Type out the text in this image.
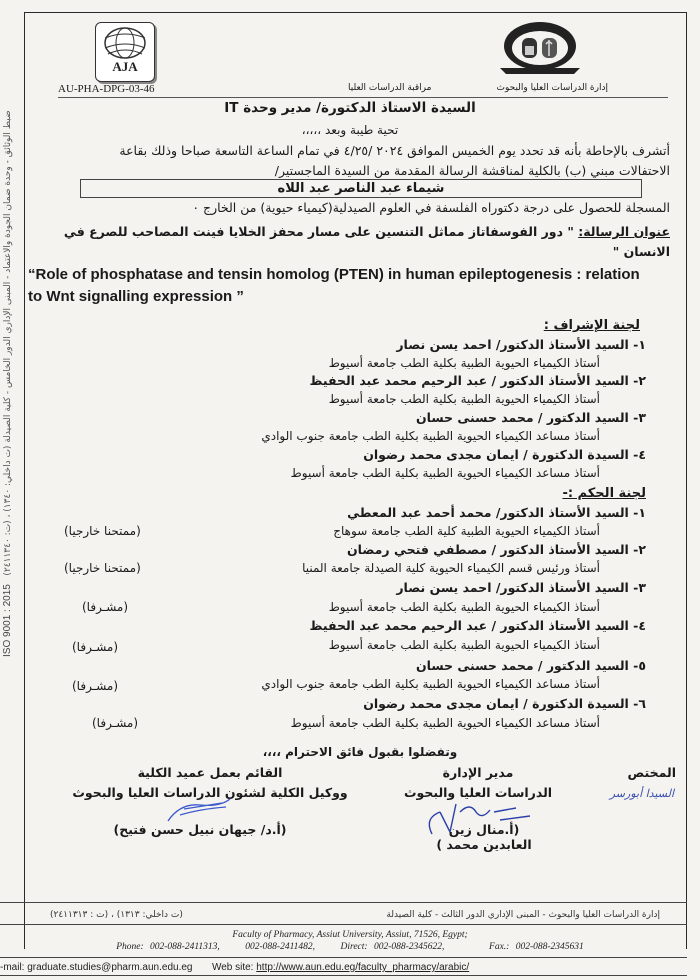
ضبط الوثائق - وحدة ضمان الجودة والاعتماد - المبنى الإداري الدور الخامس - كلية الصيدلة (ت داخلي: ١٣٤٠) ، (ت: ٢٤١١٣٤٠)   ISO 9001 : 2015
AJA
AU-PHA-DPG-03-46	مراقبة الدراسات العليا	إدارة الدراسات العليا والبحوث
السيدة الاستاذ الدكتورة/ مدير وحدة IT
تحية طيبة وبعد ،،،،،
أتشرف بالإحاطة بأنه قد تحدد يوم الخميس الموافق ٢٠٢٤ /٤/٢٥ في تمام الساعة التاسعة صباحا وذلك بقاعة
الاحتفالات مبني (ب) بالكلية لمناقشة الرسالة المقدمة من السيدة الماجستير/
شيماء عبد الناصر عبد اللاه
المسجلة للحصول على درجة دكتوراه الفلسفة في العلوم الصيدلية(كيمياء حيوية) من الخارج ٠
عنوان الرسالة: " دور الفوسفاتاز مماثل التنسين على مسار محفز الخلايا فينت المصاحب للصرع في الانسان "
“Role of phosphatase and tensin homolog (PTEN) in human epileptogenesis : relation to Wnt signalling expression ”
لجنة الإشراف :
١- السيد الأستاذ الدكتور/ احمد يسن نصار
أستاذ الكيمياء الحيوية الطبية بكلية الطب جامعة أسيوط
٢- السيد الأستاذ الدكتور / عبد الرحيم محمد عبد الحفيظ
أستاذ الكيمياء الحيوية الطبية بكلية الطب جامعة أسيوط
٣- السيد الدكتور / محمد حسنى حسان
أستاذ مساعد الكيمياء الحيوية الطبية بكلية الطب جامعة جنوب الوادي
٤- السيدة الدكتورة / ايمان مجدى محمد رضوان
أستاذ مساعد الكيمياء الحيوية الطبية بكلية الطب جامعة أسيوط
لجنة الحكم :-
١- السيد الأستاذ الدكتور/ محمد أحمد عبد المعطي
أستاذ الكيمياء الحيوية الطبية كلية الطب جامعة سوهاج
(ممتحنا خارجيا)
٢- السيد الأستاذ الدكتور / مصطفي فتحي رمضان
أستاذ ورئيس قسم الكيمياء الحيوية كلية الصيدلة جامعة المنيا
(ممتحنا خارجيا)
٣- السيد الأستاذ الدكتور/ احمد يسن نصار
أستاذ الكيمياء الحيوية الطبية بكلية الطب جامعة أسيوط
(مشـرفا)
٤- السيد الأستاذ الدكتور / عبد الرحيم محمد عبد الحفيظ
أستاذ الكيمياء الحيوية الطبية بكلية الطب جامعة أسيوط
(مشـرفا)
٥- السيد الدكتور / محمد حسنى حسان
أستاذ مساعد الكيمياء الحيوية الطبية بكلية الطب جامعة جنوب الوادي
(مشـرفا)
٦- السيدة الدكتورة / ايمان مجدى محمد رضوان
أستاذ مساعد الكيمياء الحيوية الطبية بكلية الطب جامعة أسيوط
(مشـرفا)
وتفضلوا بقبول فائق الاحترام ،،،،
المختص
السيدا أبورسر
مدير الإدارة
الدراسات العليا والبحوث
(أ.منال زين العابدين محمد )
القائم بعمل عميد الكلية
ووكيل الكلية لشئون الدراسات العليا والبحوث
(أ.د/ جيهان نبيل حسن فتيح)
إدارة الدراسات العليا والبحوث - المبنى الإداري الدور الثالث - كلية الصيدلة
(ت داخلي: ١٣١٣) ، (ت : ٢٤١١٣١٣)
Faculty of Pharmacy, Assiut University, Assiut, 71526, Egypt;
Phone: 002-088-2411313,    002-088-2411482,    Direct: 002-088-2345622,       Fax.: 002-088-2345631
-mail: graduate.studies@pharm.aun.edu.eg Web site: http://www.aun.edu.eg/faculty_pharmacy/arabic/
